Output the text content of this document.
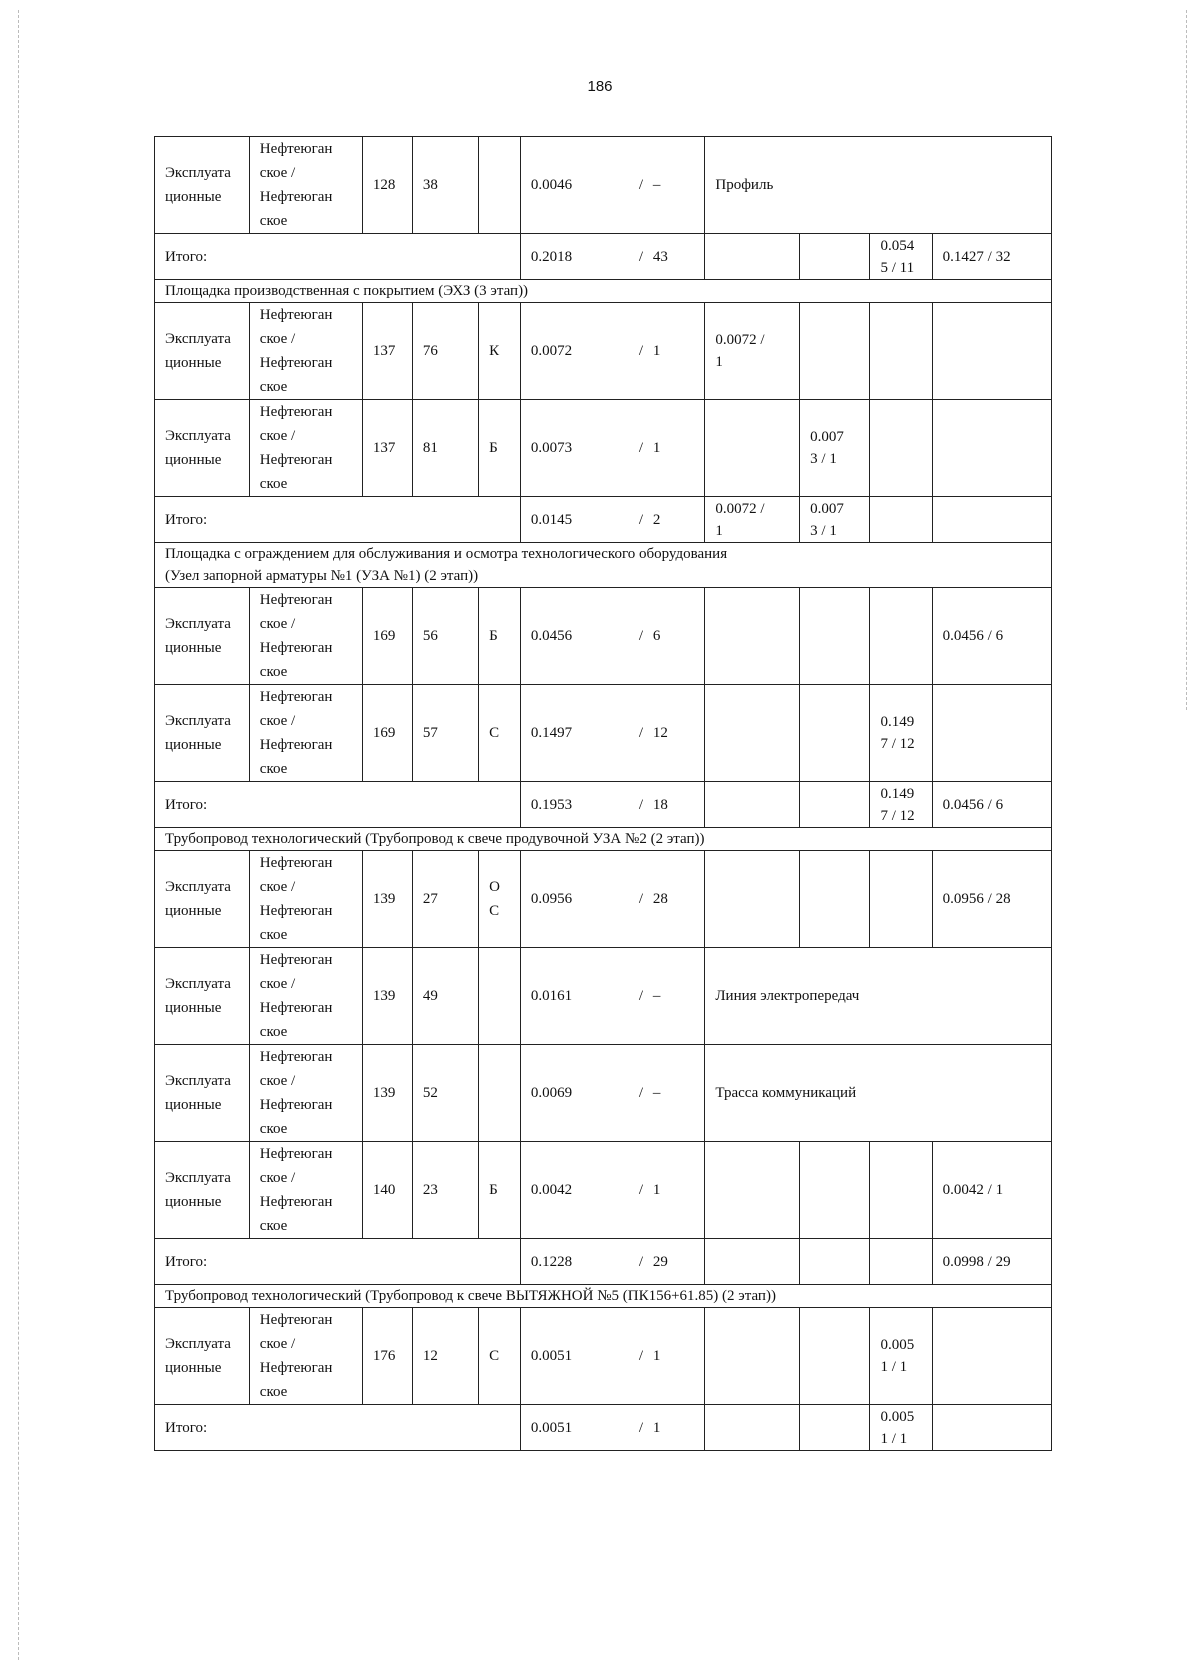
186
Эксплуата
ционные	Нефтеюган
ское /
Нефтеюган
ское	128	38		0.0046 / –	Профиль			
Итого:					0.2018 / 43			0.054
5 / 11	0.1427 / 32

Площадка производственная с покрытием (ЭХЗ (3 этап))									

Эксплуата
ционные	Нефтеюган
ское /
Нефтеюган
ское	137	76	К	0.0072 / 1	0.0072 /
1			

Эксплуата
ционные	Нефтеюган
ское /
Нефтеюган
ское	137	81	Б	0.0073 / 1		0.007
3 / 1		

Итого:					0.0145 / 2	0.0072 /
1	0.007
3 / 1		

Площадка с ограждением для обслуживания и осмотра технологического оборудования
(Узел запорной арматуры №1 (УЗА №1) (2 этап))									

Эксплуата
ционные	Нефтеюган
ское /
Нефтеюган
ское	169	56	Б	0.0456 / 6				0.0456 / 6

Эксплуата
ционные	Нефтеюган
ское /
Нефтеюган
ское	169	57	С	0.1497 / 12			0.149
7 / 12	

Итого:					0.1953 / 18			0.149
7 / 12	0.0456 / 6

Трубопровод технологический (Трубопровод к свече продувочной УЗА №2 (2 этап))									

Эксплуата
ционные	Нефтеюган
ское /
Нефтеюган
ское	139	27	О
С	0.0956 / 28				0.0956 / 28

Эксплуата
ционные	Нефтеюган
ское /
Нефтеюган
ское	139	49		0.0161 / –	Линия электропередач			

Эксплуата
ционные	Нефтеюган
ское /
Нефтеюган
ское	139	52		0.0069 / –	Трасса коммуникаций			

Эксплуата
ционные	Нефтеюган
ское /
Нефтеюган
ское	140	23	Б	0.0042 / 1				0.0042 / 1

Итого:					0.1228 / 29				0.0998 / 29

Трубопровод технологический (Трубопровод к свече ВЫТЯЖНОЙ №5 (ПК156+61.85) (2 этап))									

Эксплуата
ционные	Нефтеюган
ское /
Нефтеюган
ское	176	12	С	0.0051 / 1			0.005
1 / 1	

Итого:					0.0051 / 1			0.005
1 / 1	
